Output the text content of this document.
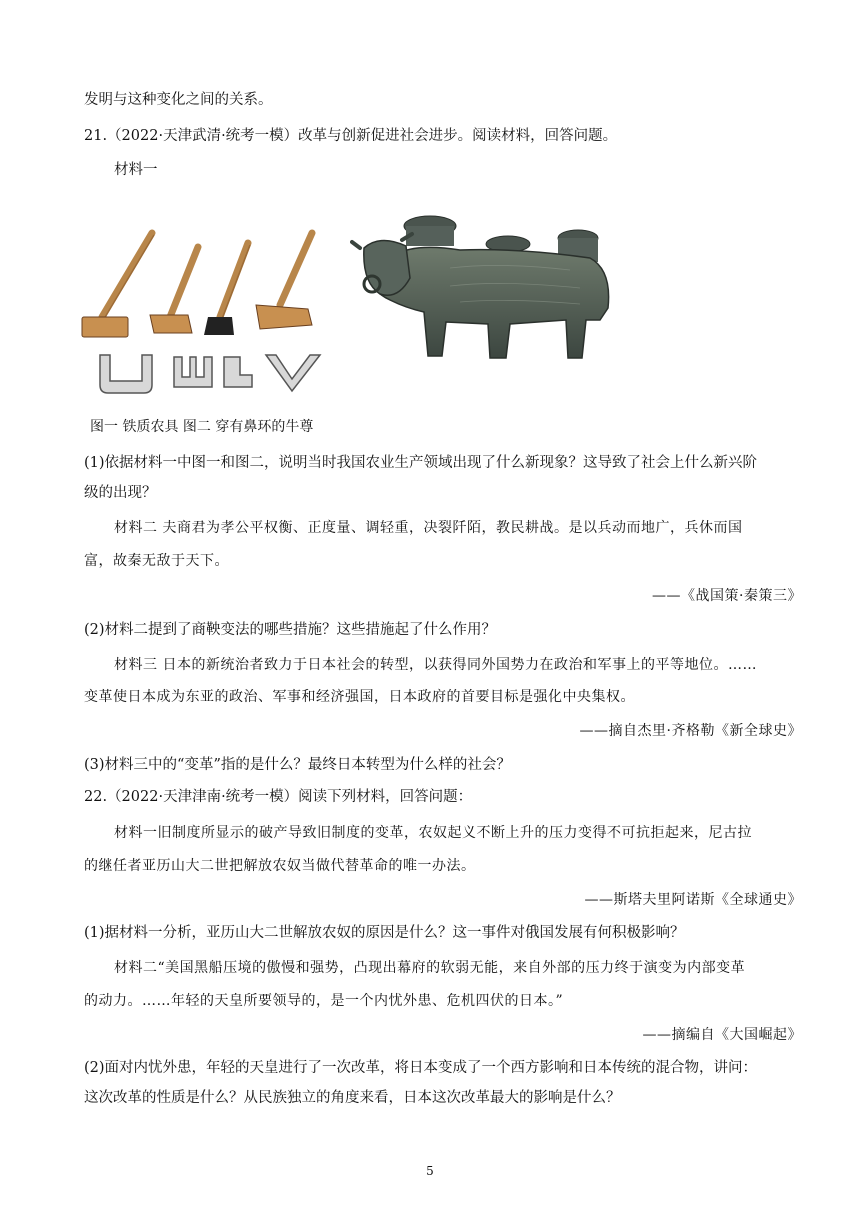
发明与这种变化之间的关系。
21.（2022·天津武清·统考一模）改革与创新促进社会进步。阅读材料，回答问题。
材料一
图一 铁质农具 图二 穿有鼻环的牛尊
(1)依据材料一中图一和图二，说明当时我国农业生产领域出现了什么新现象？这导致了社会上什么新兴阶
级的出现？
材料二 夫商君为孝公平权衡、正度量、调轻重，决裂阡陌，教民耕战。是以兵动而地广，兵休而国
富，故秦无敌于天下。
——《战国策·秦策三》
(2)材料二提到了商鞅变法的哪些措施？这些措施起了什么作用？
材料三 日本的新统治者致力于日本社会的转型，以获得同外国势力在政治和军事上的平等地位。……
变革使日本成为东亚的政治、军事和经济强国，日本政府的首要目标是强化中央集权。
——摘自杰里·齐格勒《新全球史》
(3)材料三中的“变革”指的是什么？最终日本转型为什么样的社会？
22.（2022·天津津南·统考一模）阅读下列材料，回答问题：
材料一旧制度所显示的破产导致旧制度的变革，农奴起义不断上升的压力变得不可抗拒起来，尼古拉
的继任者亚历山大二世把解放农奴当做代替革命的唯一办法。
——斯塔夫里阿诺斯《全球通史》
(1)据材料一分析，亚历山大二世解放农奴的原因是什么？这一事件对俄国发展有何积极影响？
材料二“美国黑船压境的傲慢和强势，凸现出幕府的软弱无能，来自外部的压力终于演变为内部变革
的动力。……年轻的天皇所要领导的，是一个内忧外患、危机四伏的日本。”
——摘编自《大国崛起》
(2)面对内忧外患，年轻的天皇进行了一次改革，将日本变成了一个西方影响和日本传统的混合物，讲问：
这次改革的性质是什么？从民族独立的角度来看，日本这次改革最大的影响是什么？
5
